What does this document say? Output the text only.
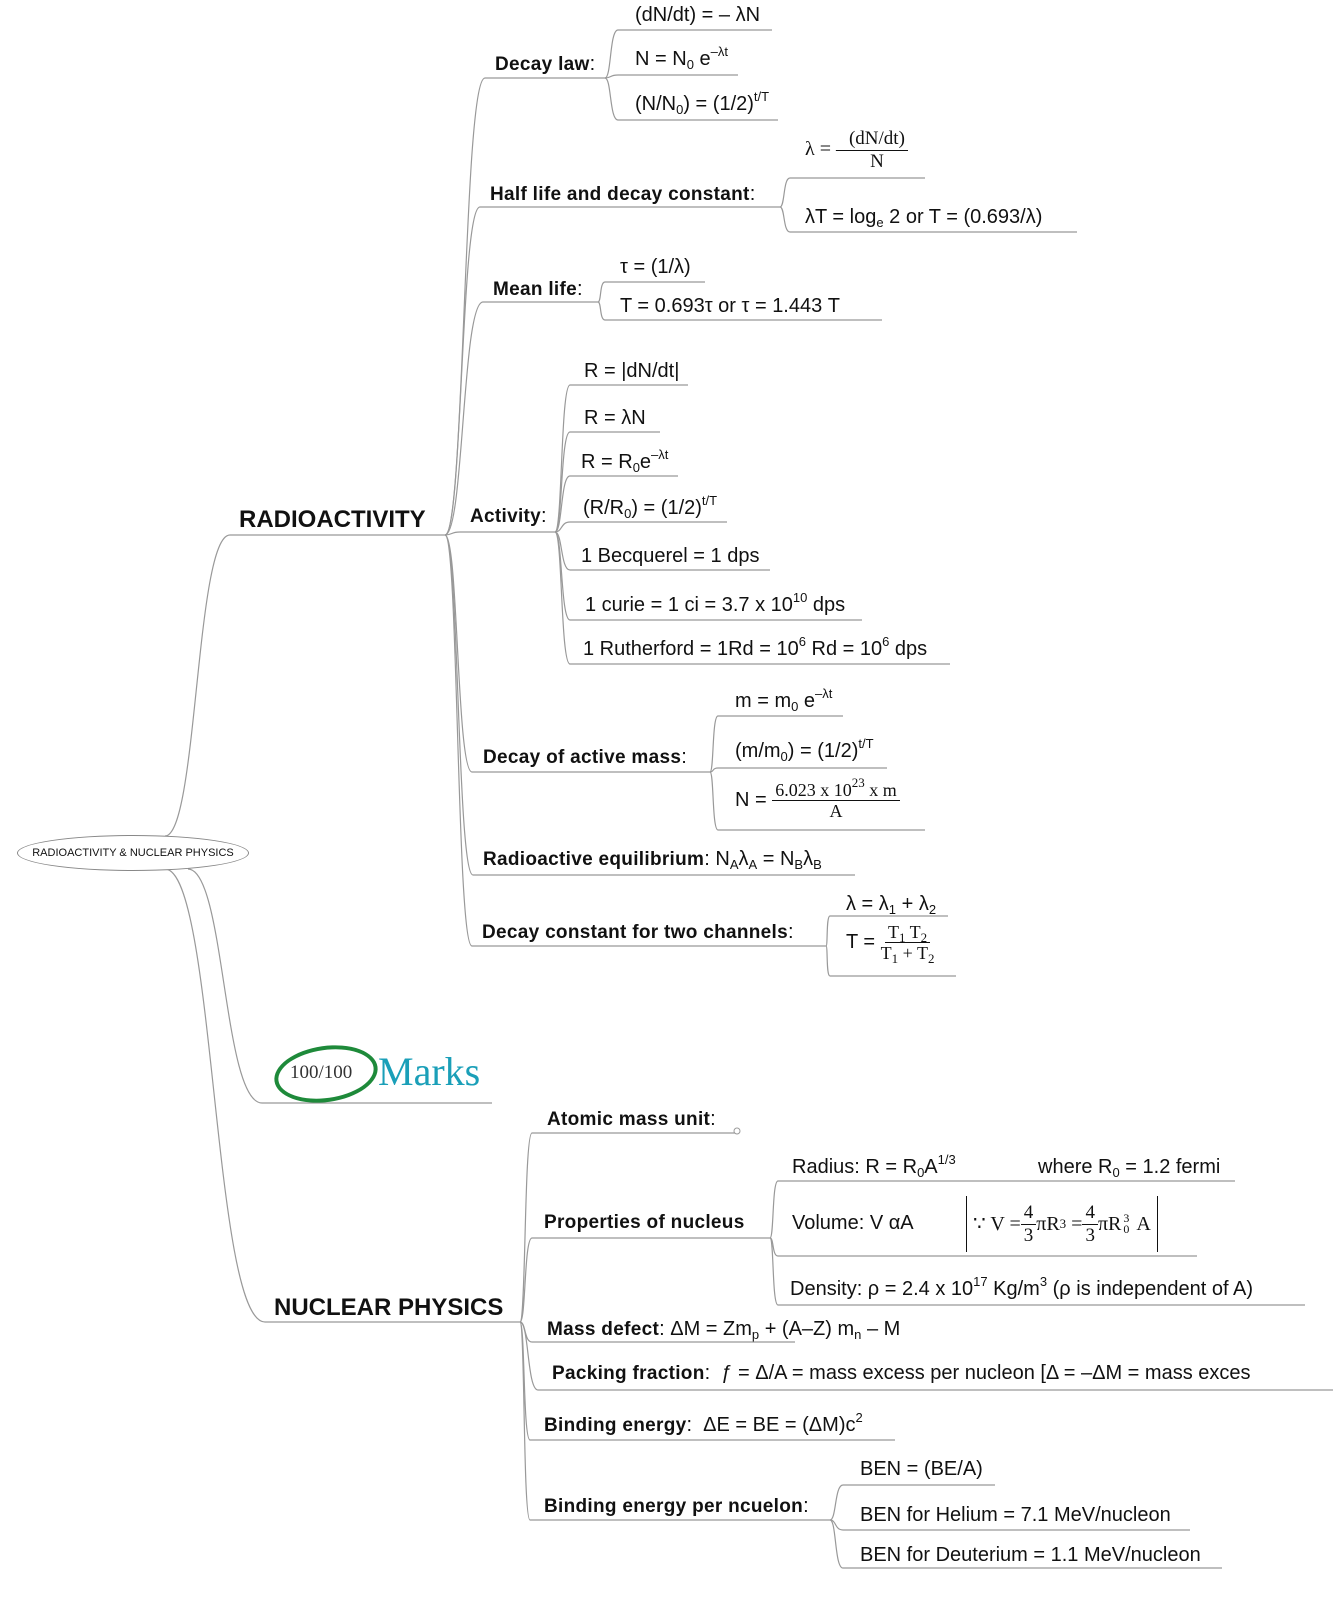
RADIOACTIVITY & NUCLEAR PHYSICS
RADIOACTIVITY
Decay law:
(dN/dt) = – λN
$N = N_0$ $e^{-\lambda t}$
$(N/N_0) = (1/2)^{t/T}$
Half life and decay constant:
λ = – $\frac{(dN/dt)}{N}$
$\lambda T = \log_e 2$ or T = (0.693/λ)
Mean life:
τ = (1/λ)
T = 0.693τ or τ = 1.443 T
Activity:
R = |dN/dt|
R = λN
$R = R_0e^{-\lambda t}$
$(R/R_0) = (1/2)^{t/T}$
1 Becquerel = 1 dps
1 curie = 1 ci = 3.7 x $10^{10}$ dps
1 Rutherford = $1Rd = 10^6$ $Rd = 10^6$ dps
Decay of active mass:
$m = m_0$ $e^{-\lambda t}$
$(m/m_0) = (1/2)^{t/T}$
$N = \frac{6.023 x 10^{23} x m}{A}$
Radioactive equilibrium: $N_A\lambda_A = N_B\lambda_B$
Decay constant for two channels:
$\lambda = \lambda_1 + \lambda_2$
$T = \frac{T_1 T_2}{T_1 + T_2}$
100/100 Marks
NUCLEAR PHYSICS
Atomic mass unit:
Properties of nucleus
Radius: $R = R_0A^{1/3}$	where $R_0 = 1.2$ fermi
Volume: V αA	∵ $V = \frac{4}{3}$ πR 3
= $\frac{4}{3}$ πR 3
0
A
Density: ρ = 2.4 x $10^{17}$ $Kg/m^3$ (ρ is independent of A)
Mass defect: $\Delta M = Zm_p + (A-Z)$ $m_n$ – M
Packing fraction:  ƒ = Δ/A = mass excess per nucleon [Δ = –ΔM = mass exces
Binding energy:  ΔE = BE = $(\Delta M)c^2$
Binding energy per ncuelon:
BEN = (BE/A)
BEN for Helium = 7.1 MeV/nucleon
BEN for Deuterium = 1.1 MeV/nucleon
